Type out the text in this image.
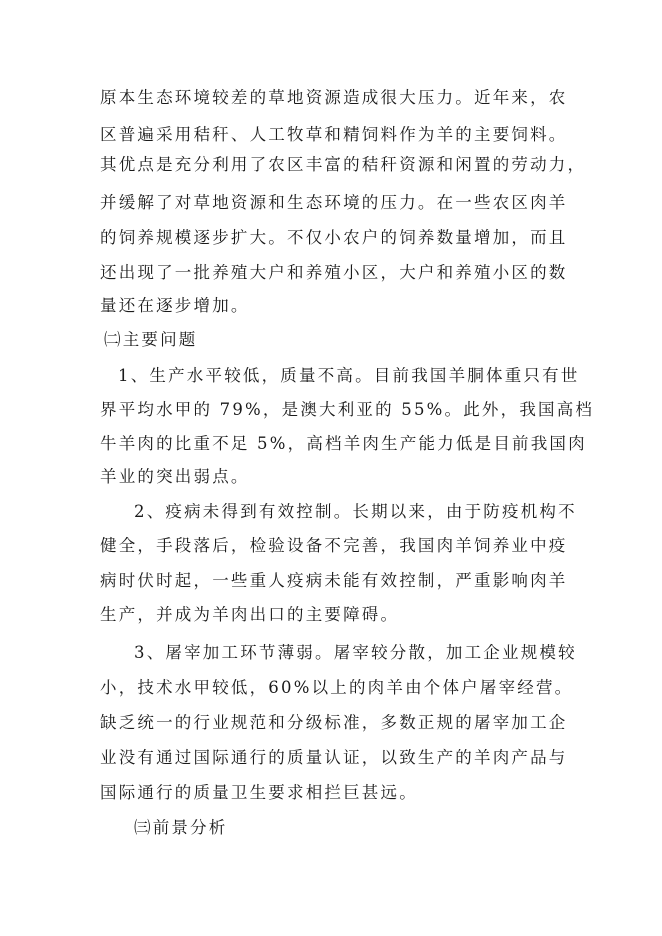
原本生态环境较差的草地资源造成很大压力。近年来，农
区普遍采用秸秆、人工牧草和精饲料作为羊的主要饲料。
其优点是充分利用了农区丰富的秸秆资源和闲置的劳动力，
并缓解了对草地资源和生态环境的压力。在一些农区肉羊
的饲养规模逐步扩大。不仅小农户的饲养数量增加，而且
还出现了一批养殖大户和养殖小区，大户和养殖小区的数
量还在逐步增加。
㈡主要问题
1、生产水平较低，质量不高。目前我国羊胴体重只有世
界平均水甲的 79%，是澳大利亚的 55%。此外，我国高档
牛羊肉的比重不足 5%，高档羊肉生产能力低是目前我国肉
羊业的突出弱点。
2、疫病未得到有效控制。长期以来，由于防疫机构不
健全，手段落后，检验设备不完善，我国肉羊饲养业中疫
病时伏时起，一些重人疫病未能有效控制，严重影响肉羊
生产，并成为羊肉出口的主要障碍。
3、屠宰加工环节薄弱。屠宰较分散，加工企业规模较
小，技术水甲较低，60%以上的肉羊由个体户屠宰经营。
缺乏统一的行业规范和分级标准，多数正规的屠宰加工企
业没有通过国际通行的质量认证，以致生产的羊肉产品与
国际通行的质量卫生要求相拦巨甚远。
㈢前景分析
